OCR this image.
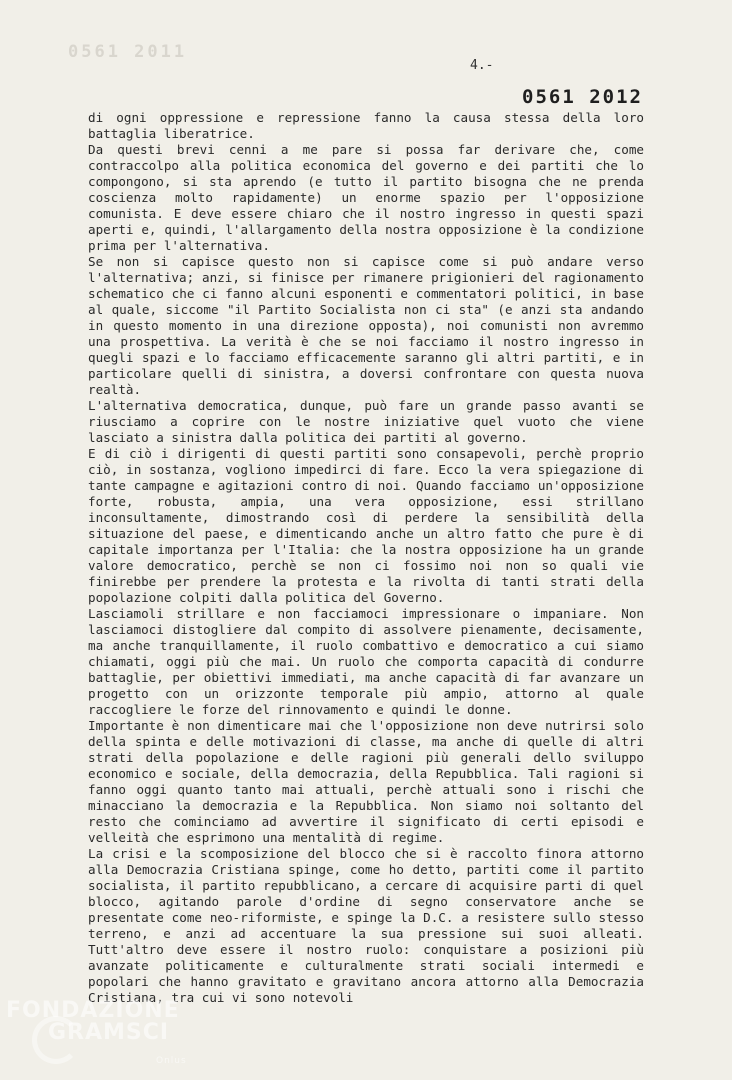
0561 2011
4.-
0561 2012

di ogni oppressione e repressione fanno la causa stessa della loro battaglia liberatrice.

Da questi brevi cenni a me pare si possa far derivare che, come contraccolpo alla politica economica del governo e dei partiti che lo compongono, si sta aprendo (e tutto il partito bisogna che ne prenda coscienza molto rapidamente) un enorme spazio per l'opposizione comunista. E deve essere chiaro che il nostro ingresso in questi spazi aperti e, quindi, l'allargamento della nostra opposizione è la condizione prima per l'alternativa.

Se non si capisce questo non si capisce come si può andare verso l'alternativa; anzi, si finisce per rimanere prigionieri del ragionamento schematico che ci fanno alcuni esponenti e commentatori politici, in base al quale, siccome "il Partito Socialista non ci sta" (e anzi sta andando in questo momento in una direzione opposta), noi comunisti non avremmo una prospettiva. La verità è che se noi facciamo il nostro ingresso in quegli spazi e lo facciamo efficacemente saranno gli altri partiti, e in particolare quelli di sinistra, a doversi confrontare con questa nuova realtà.

L'alternativa democratica, dunque, può fare un grande passo avanti se riusciamo a coprire con le nostre iniziative quel vuoto che viene lasciato a sinistra dalla politica dei partiti al governo.

E di ciò i dirigenti di questi partiti sono consapevoli, perchè proprio ciò, in sostanza, vogliono impedirci di fare. Ecco la vera spiegazione di tante campagne e agitazioni contro di noi. Quando facciamo un'opposizione forte, robusta, ampia, una vera opposizione, essi strillano inconsultamente, dimostrando così di perdere la sensibilità della situazione del paese, e dimenticando anche un altro fatto che pure è di capitale importanza per l'Italia: che la nostra opposizione ha un grande valore democratico, perchè se non ci fossimo noi non so quali vie finirebbe per prendere la protesta e la rivolta di tanti strati della popolazione colpiti dalla politica del Governo.

Lasciamoli strillare e non facciamoci impressionare o impaniare. Non lasciamoci distogliere dal compito di assolvere pienamente, decisamente, ma anche tranquillamente, il ruolo combattivo e democratico a cui siamo chiamati, oggi più che mai. Un ruolo che comporta capacità di condurre battaglie, per obiettivi immediati, ma anche capacità di far avanzare un progetto con un orizzonte temporale più ampio, attorno al quale raccogliere le forze del rinnovamento e quindi le donne.

Importante è non dimenticare mai che l'opposizione non deve nutrirsi solo della spinta e delle motivazioni di classe, ma anche di quelle di altri strati della popolazione e delle ragioni più generali dello sviluppo economico e sociale, della democrazia, della Repubblica. Tali ragioni si fanno oggi quanto tanto mai attuali, perchè attuali sono i rischi che minacciano la democrazia e la Repubblica. Non siamo noi soltanto del resto che cominciamo ad avvertire il significato di certi episodi e velleità che esprimono una mentalità di regime.

La crisi e la scomposizione del blocco che si è raccolto finora attorno alla Democrazia Cristiana spinge, come ho detto, partiti come il partito socialista, il partito repubblicano, a cercare di acquisire parti di quel blocco, agitando parole d'ordine di segno conservatore anche se presentate come neo-riformiste, e spinge la D.C. a resistere sullo stesso terreno, e anzi ad accentuare la sua pressione sui suoi alleati. Tutt'altro deve essere il nostro ruolo: conquistare a posizioni più avanzate politicamente e culturalmente strati sociali intermedi e popolari che hanno gravitato e gravitano ancora attorno alla Democrazia Cristiana, tra cui vi sono notevoli

FONDAZIONE
GRAMSCI
Onlus
